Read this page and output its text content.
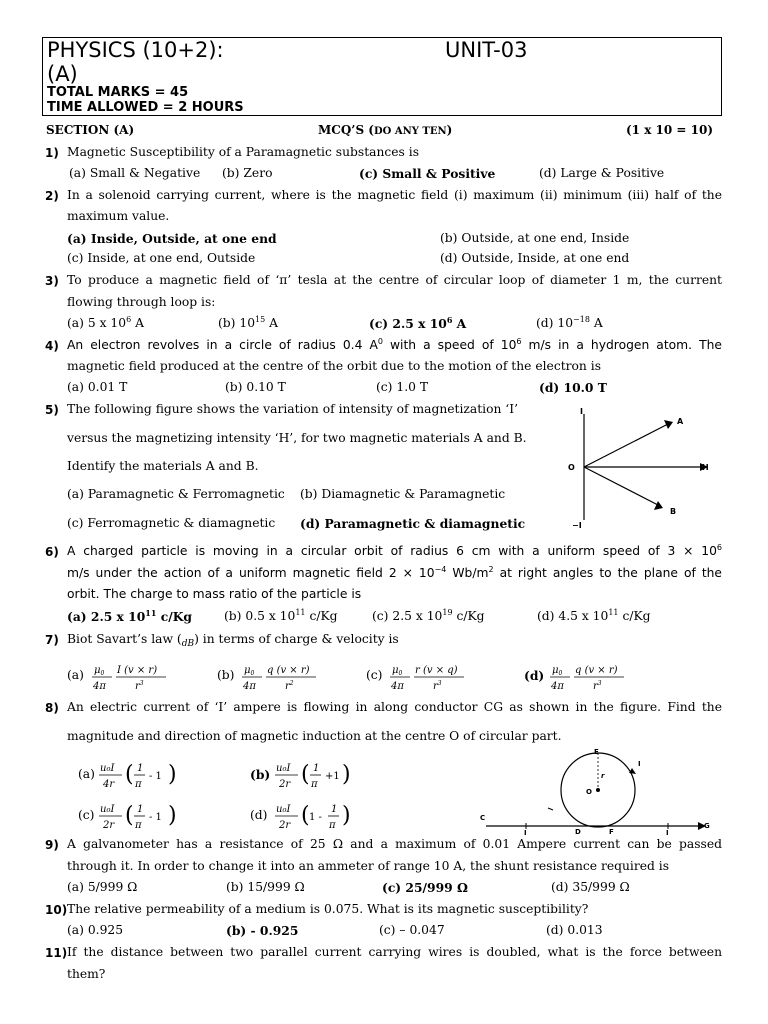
PHYSICS (10+2):	UNIT-03
(A)
TOTAL MARKS = 45
TIME ALLOWED = 2 HOURS
SECTION (A)	MCQ’S (DO ANY TEN)	(1 x 10 = 10)
1) Magnetic Susceptibility of a Paramagnetic substances is
(a) Small & Negative (b) Zero	(c) Small & Positive	(d) Large & Positive
2) In a solenoid carrying current, where is the magnetic field (i) maximum (ii) minimum (iii) half of the
maximum value.
(a) Inside, Outside, at one end	(b) Outside, at one end, Inside
(c) Inside, at one end, Outside	(d) Outside, Inside, at one end
3) To produce a magnetic field of ‘π’ tesla at the centre of circular loop of diameter 1 m, the current
flowing through loop is:
(a) 5 x $10^6$ A	(b) $10^{15}$ A	(c) 2.5 x $10^6$ A	(d) $10^{-18}$ A
4) An electron revolves in a circle of radius 0.4 $A^0$ with a speed of $10^6$ m/s in a hydrogen atom. The
magnetic field produced at the centre of the orbit due to the motion of the electron is
(a) 0.01 T	(b) 0.10 T	(c) 1.0 T	(d) 10.0 T
5) The following figure shows the variation of intensity of magnetization ‘I’
versus the magnetizing intensity ‘H’, for two magnetic materials A and B.
Identify the materials A and B.
(a) Paramagnetic & Ferromagnetic (b) Diamagnetic & Paramagnetic
(c) Ferromagnetic & diamagnetic (d) Paramagnetic & diamagnetic
I
−I
O	H
A
B
6) A charged particle is moving in a circular orbit of radius 6 cm with a uniform speed of $3 \times 10^6$
m/s under the action of a uniform magnetic field $2 \times 10^{-4}$ $Wb/m^2$ at right angles to the plane of the
orbit. The charge to mass ratio of the particle is
(a) 2.5 x $10^{11}$ c/Kg	(b) 0.5 x $10^{11}$ c/Kg	(c) 2.5 x $10^{19}$ c/Kg	(d) 4.5 x $10^{11}$ c/Kg
7) Biot Savart’s law $(_{dB})$ in terms of charge & velocity is
(a) $\mu_0$
4π
I (v × r)
$r^3$
(b) $\mu_0$
4π
q (v × r)
$r^2$
(c) $\mu_0$
4π
r (v × q)
$r^3$
(d) $\mu_0$
4π
q (v × r)
$r^3$
8) An electric current of ‘I’ ampere is flowing in along conductor CG as shown in the figure. Find the
magnitude and direction of magnetic induction at the centre O of circular part.
(a) u₀I
4r ( 1
π
- 1 )	(b) u₀I
2r ( 1
π
+1 )
(c) u₀I
2r ( 1
π
- 1 )	(d) u₀I
2r ( 1 -
1
π )
E
O
r
I
C
D	F
G
I	I
9) A galvanometer has a resistance of 25 Ω and a maximum of 0.01 Ampere current can be passed
through it. In order to change it into an ammeter of range 10 A, the shunt resistance required is
(a) 5/999 Ω	(b) 15/999 Ω	(c) 25/999 Ω	(d) 35/999 Ω
10) The relative permeability of a medium is 0.075. What is its magnetic susceptibility?
(a) 0.925	(b) - 0.925	(c) – 0.047	(d) 0.013
11) If the distance between two parallel current carrying wires is doubled, what is the force between
them?
